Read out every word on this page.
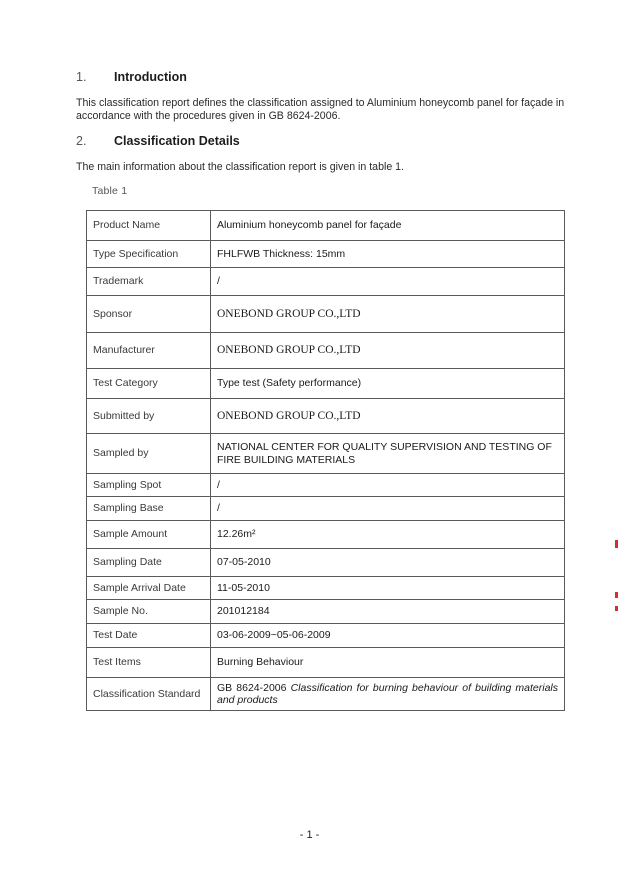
1. Introduction
This classification report defines the classification assigned to Aluminium honeycomb panel for façade in accordance with the procedures given in GB 8624-2006.
2. Classification Details
The main information about the classification report is given in table 1.
Table 1
Product Name	Aluminium honeycomb panel for façade
Type Specification	FHLFWB Thickness: 15mm
Trademark	/
Sponsor	ONEBOND GROUP CO.,LTD
Manufacturer	ONEBOND GROUP CO.,LTD
Test Category	Type test (Safety performance)
Submitted by	ONEBOND GROUP CO.,LTD
Sampled by	NATIONAL CENTER FOR QUALITY SUPERVISION AND TESTING OF FIRE BUILDING MATERIALS
Sampling Spot	/
Sampling Base	/
Sample Amount	12.26m²
Sampling Date	07-05-2010
Sample Arrival Date	11-05-2010
Sample No.	201012184
Test Date	03-06-2009~05-06-2009
Test Items	Burning Behaviour
Classification Standard	GB 8624-2006 Classification for burning behaviour of building materials and products
- 1 -
